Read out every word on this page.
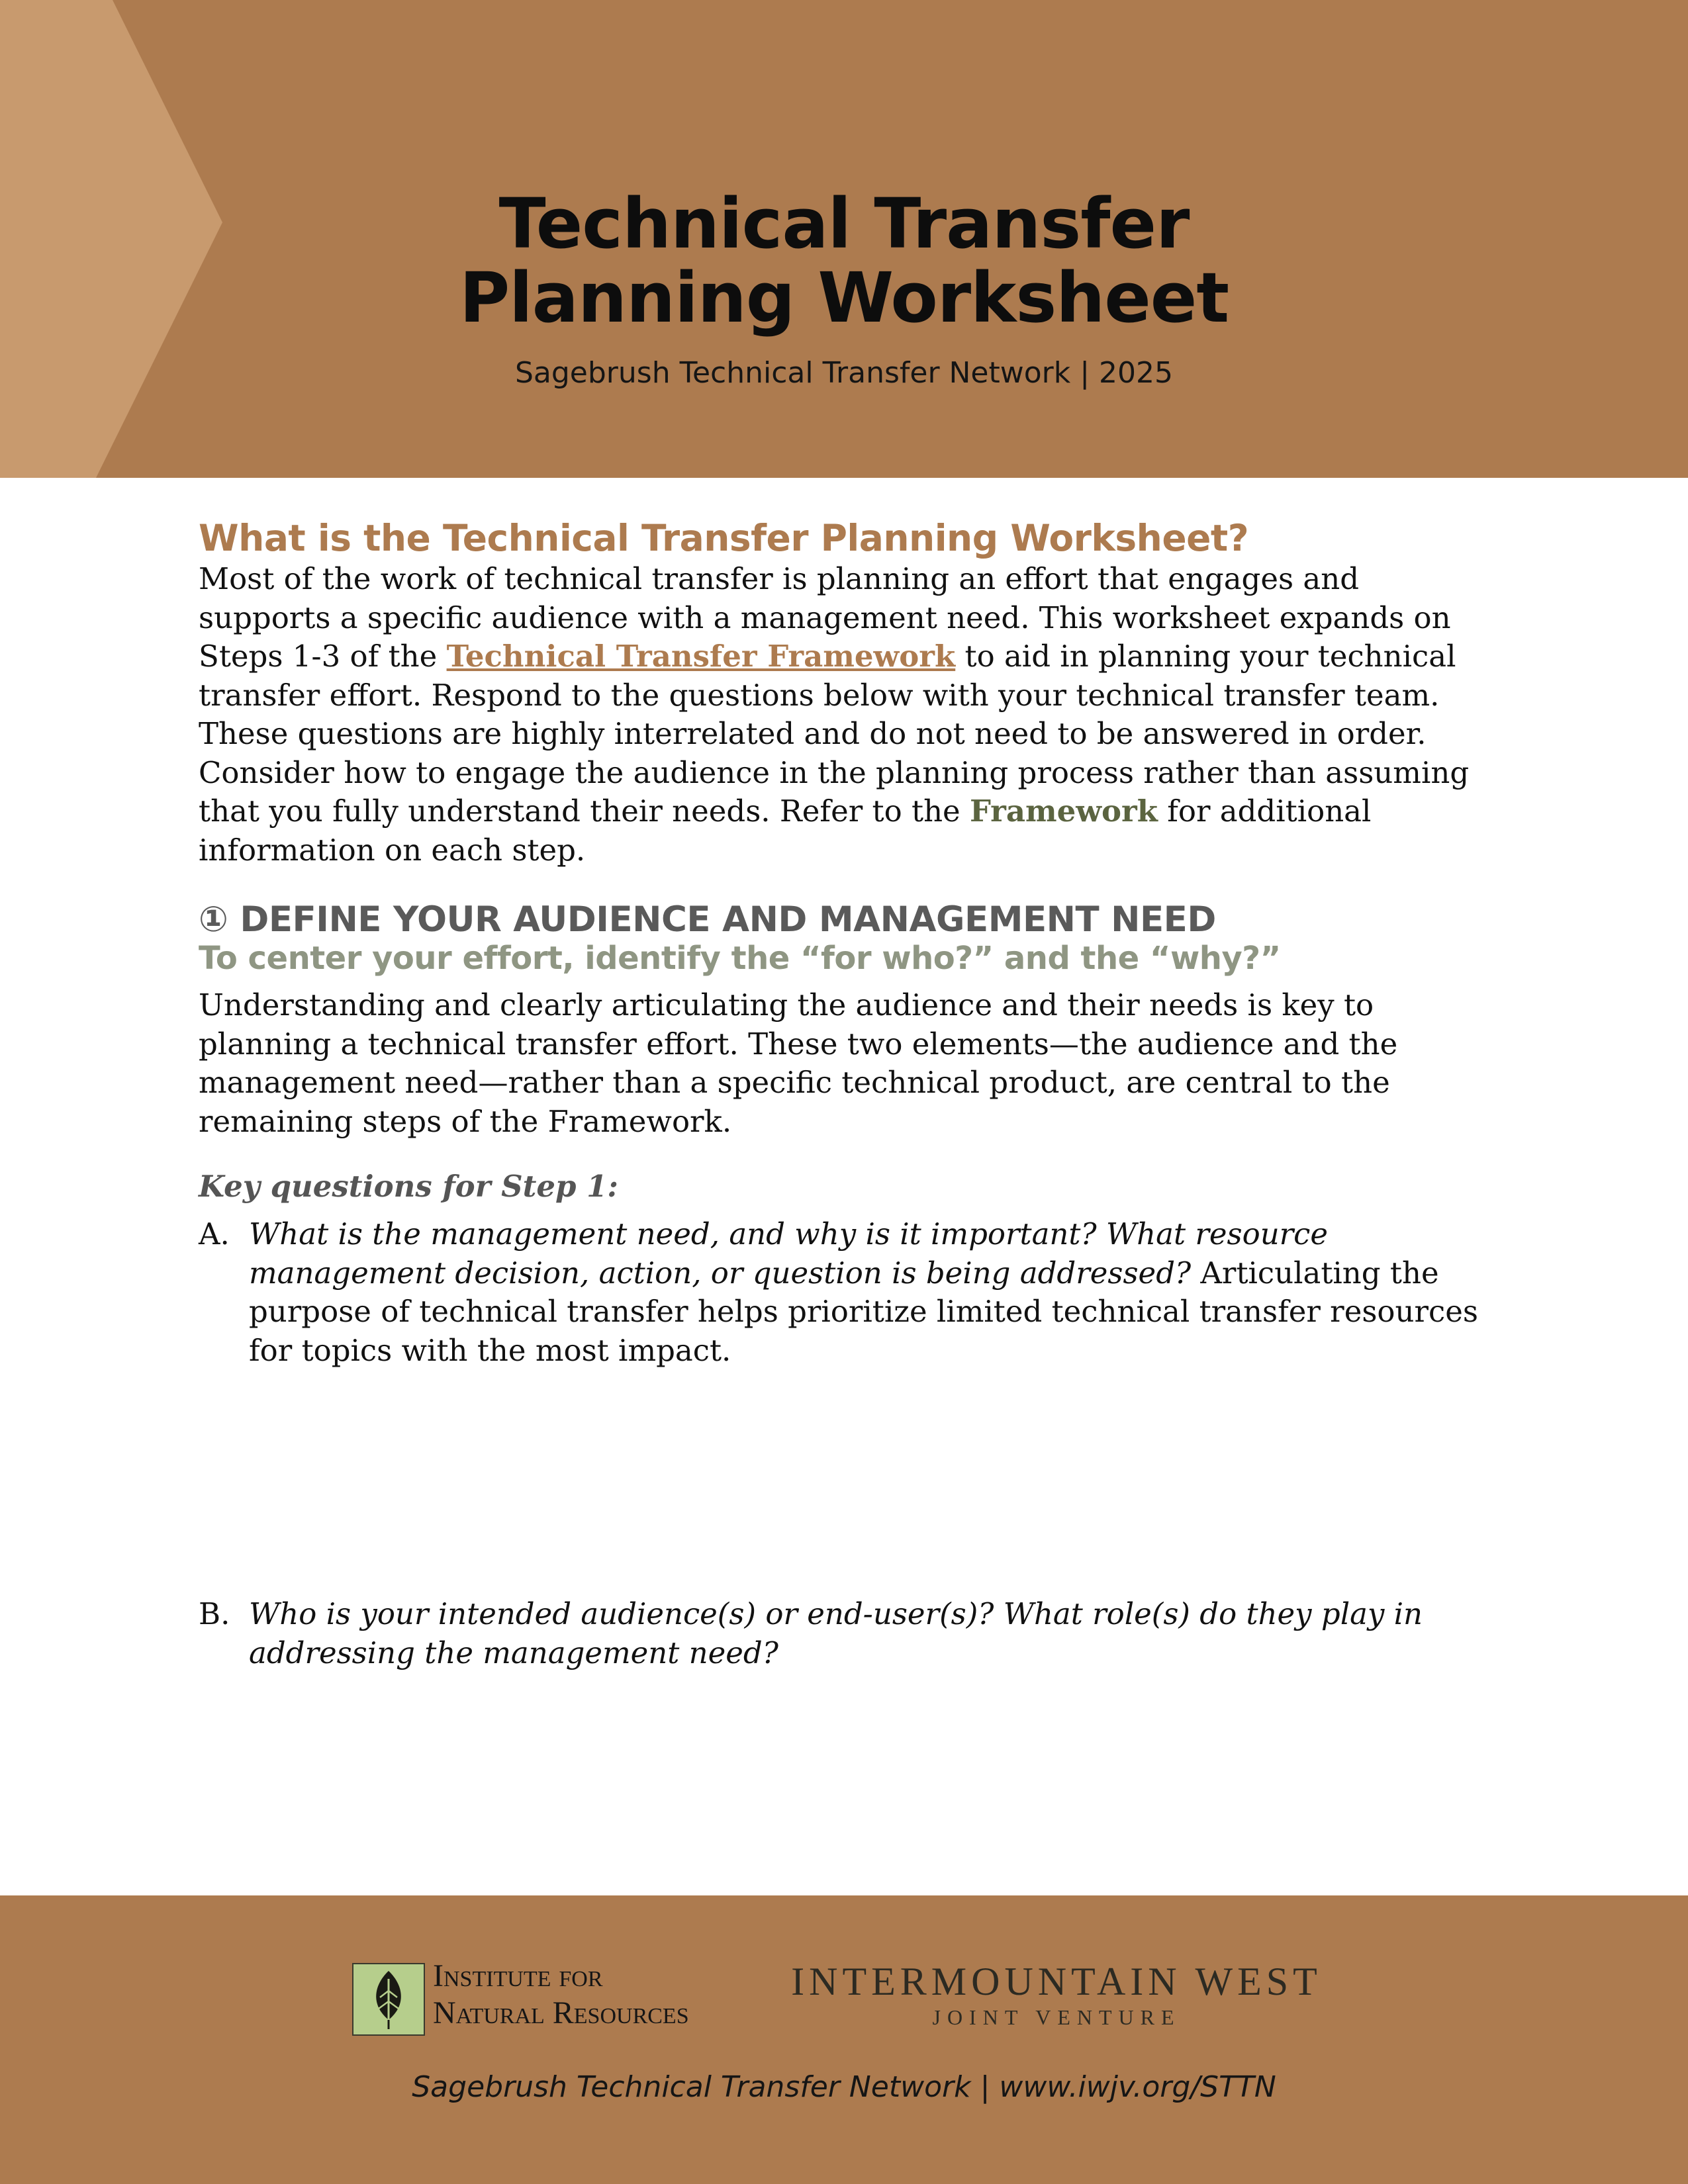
Technical Transfer
Planning Worksheet
Sagebrush Technical Transfer Network | 2025
What is the Technical Transfer Planning Worksheet?

Most of the work of technical transfer is planning an effort that engages and supports a specific audience with a management need. This worksheet expands on Steps 1-3 of the Technical Transfer Framework to aid in planning your technical transfer effort. Respond to the questions below with your technical transfer team. These questions are highly interrelated and do not need to be answered in order. Consider how to engage the audience in the planning process rather than assuming that you fully understand their needs. Refer to the Framework for additional information on each step.

① DEFINE YOUR AUDIENCE AND MANAGEMENT NEED
To center your effort, identify the “for who?” and the “why?”

Understanding and clearly articulating the audience and their needs is key to planning a technical transfer effort. These two elements—the audience and the management need—rather than a specific technical product, are central to the remaining steps of the Framework.

Key questions for Step 1:
A. What is the management need, and why is it important? What resource management decision, action, or question is being addressed? Articulating the purpose of technical transfer helps prioritize limited technical transfer resources for topics with the most impact.
B. Who is your intended audience(s) or end-user(s)? What role(s) do they play in addressing the management need?
Institute for
Natural Resources
INTERMOUNTAIN WEST
JOINT VENTURE
Sagebrush Technical Transfer Network | www.iwjv.org/STTN
